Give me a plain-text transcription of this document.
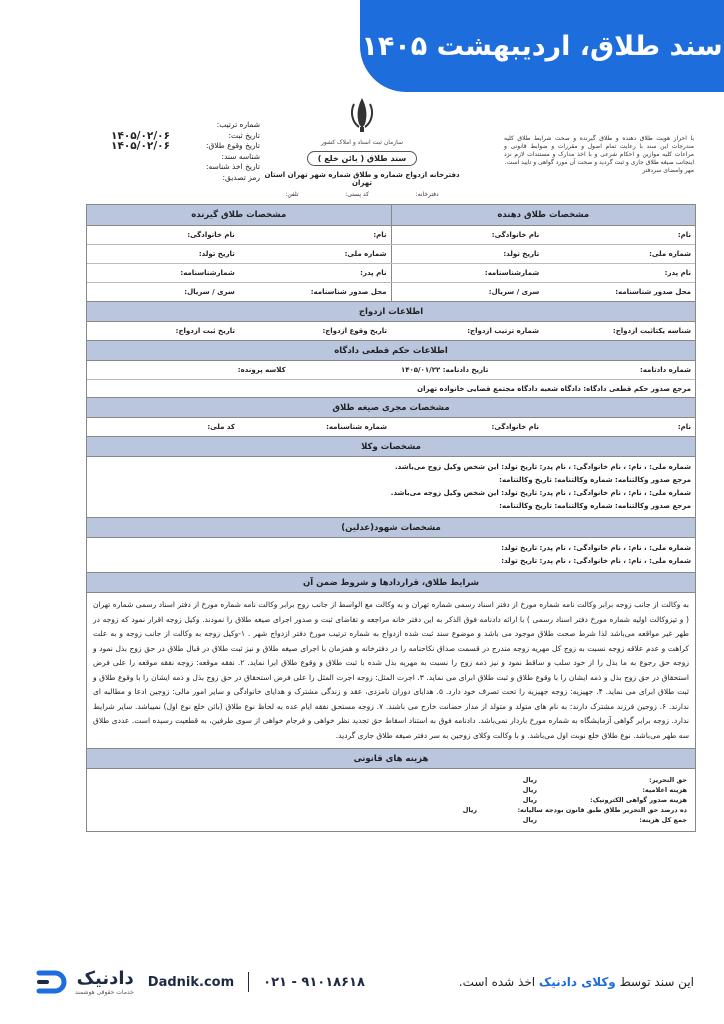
سند طلاق، اردیبهشت ۱۴۰۵

با احراز هویت طلاق دهنده و طلاق گیرنده و صحت شرایط طلاق کلیه مندرجات این سند با رعایت تمام اصول و مقررات و ضوابط قانونی و مراعات کلیه موازین و احکام شرعی و با اخذ مدارک و مستندات لازم نزد اینجانب صیغه طلاق جاری و ثبت گردید و صحت آن مورد گواهی و تایید است.

مهر وامضای سردفتر

سازمان ثبت اسناد و املاک کشور
سند طلاق ( بائن خلع )
دفترخانه ازدواج شماره و طلاق شماره شهر تهران استان تهران
دفترخانه:
کد پستی:
تلفن:
شماره ترتیب:
تاریخ ثبت:
۱۴۰۵/۰۲/۰۶
تاریخ وقوع طلاق:
۱۴۰۵/۰۲/۰۶
شناسه سند:
تاریخ اخذ شناسه:
رمز تصدیق:
مشخصات طلاق دهنده
مشخصات طلاق گیرنده
نام:
نام خانوادگی:
نام:
نام خانوادگی:
شماره ملی:
تاریخ تولد:
شماره ملی:
تاریخ تولد:
نام پدر:
شمارشناسنامه:
نام پدر:
شمارشناسنامه:
محل صدور شناسنامه:
سری / سریال:
محل صدور شناسنامه:
سری / سریال:
اطلاعات ازدواج
شناسه یکتاثبت ازدواج:
شماره ترتیب ازدواج:
تاریخ وقوع ازدواج:
تاریخ ثبت ازدواج:
اطلاعات حکم قطعی دادگاه
شماره دادنامه:
تاریخ دادنامه: ۱۴۰۵/۰۱/۲۲
کلاسه پرونده:
مرجع صدور حکم قطعی دادگاه: دادگاه شعبه دادگاه مجتمع قضایی خانواده تهران
مشخصات مجری صیغه طلاق
نام:
نام خانوادگی:
شماره شناسنامه:
کد ملی:
مشخصات وکلا

شماره ملی: ، نام: ، نام خانوادگی: ، نام پدر: تاریخ تولد: این شخص وکیل زوج می‌باشد.

مرجع صدور وکالتنامه: شماره وکالتنامه: تاریخ وکالتنامه:

شماره ملی: ، نام: ، نام خانوادگی: ، نام پدر: تاریخ تولد: این شخص وکیل زوجه می‌باشد.

مرجع صدور وکالتنامه: شماره وکالتنامه: تاریخ وکالتنامه:

مشخصات شهود(عدلین)

شماره ملی: ، نام: ، نام خانوادگی: ، نام پدر: تاریخ تولد:

شماره ملی: ، نام: ، نام خانوادگی: ، نام پدر: تاریخ تولد:

شرایط طلاق، قراردادها و شروط ضمن آن
به وکالت از جانب زوجه برابر وکالت نامه شماره مورخ از دفتر اسناد رسمی شماره تهران و به وکالت مع الواسط از جانب زوج برابر وکالت نامه شماره مورخ از دفتر اسناد رسمی شماره تهران ( و تیزوکالت اولیه شماره مورخ دفتر اسناد رسمی ) با ارائه دادنامه فوق الذکر به این دفتر خانه مراجعه و تقاضای ثبت و صدور اجرای صیغه طلاق را نمودند. وکیل زوجه اقرار نمود که زوجه در طهر غیر مواقعه می‌باشد لذا شرط صحت طلاق موجود می باشد و موضوع سند ثبت شده ازدواج به شماره ترتیب مورخ دفتر ازدواج شهر . ۱-وکیل زوجه به وکالت از جانب زوجه و به علت کراهت و عدم علاقه زوجه نسبت به زوج کل مهریه زوجه مندرج در قسمت صداق نکاحنامه را در دفترخانه و همزمان با اجرای صیغه طلاق و نیز ثبت طلاق در قبال طلاق در حق زوج بذل نمود و زوجه حق رجوع به ما بذل را از خود سلب و ساقط نمود و نیز ذمه زوج را نسبت به مهریه بذل شده با ثبت طلاق و وقوع طلاق ابرا نماید. ۲. نفقه موقعه: زوجه نفقه موقعه را علی فرض استحقاق در حق زوج بذل و ذمه ایشان را با وقوع طلاق و ثبت طلاق ابرای می نماید. ۳. اجرت المثل: زوجه اجرت المثل را علی فرض استحقاق در حق زوج بذل و ذمه ایشان را با وقوع طلاق و ثبت طلاق ابرای می نماید. ۴. جهیزیه: زوجه جهیزیه را تحت تصرف خود دارد. ۵. هدایای دوران نامزدی، عقد و زندگی مشترک و هدایای خانوادگی و سایر امور مالی: زوجین ادعا و مطالبه ای ندارند. ۶. زوجین فرزند مشترک دارند: به نام های متولد و متولد از مدار حضانت خارج می باشند. ۷. زوجه مستحق نفقه ایام عده به لحاظ نوع طلاق (بائن خلع نوع اول) نمیباشد. سایر شرایط ندارد. زوجه برابر گواهی آزمایشگاه به شماره مورخ باردار نمی‌باشد. دادنامه فوق به استناد اسقاط حق تجدید نظر خواهی و فرجام خواهی از سوی طرفین، به قطعیت رسیده است. عددی طلاق سه طهر می‌باشد. نوع طلاق خلع نوبت اول می‌باشد. و با وکالت وکلای زوجین به سر دفتر صیغه طلاق جاری گردید.
هزینه های قانونی
حق التحریر:
ریال
هزینه اعلامیه:
ریال
هزینه صدور گواهی الکترونیک:
ریال
ده درصد حق التحریر طلاق طبق قانون بودجه سالیانه:
ریال
جمع کل هزینه:
ریال
این سند توسط وکلای دادنیک اخذ شده است.
دادنیک
خدمات حقوقی هوشمند
Dadnik.com ۰۲۱ - ۹۱۰۱۸۶۱۸
